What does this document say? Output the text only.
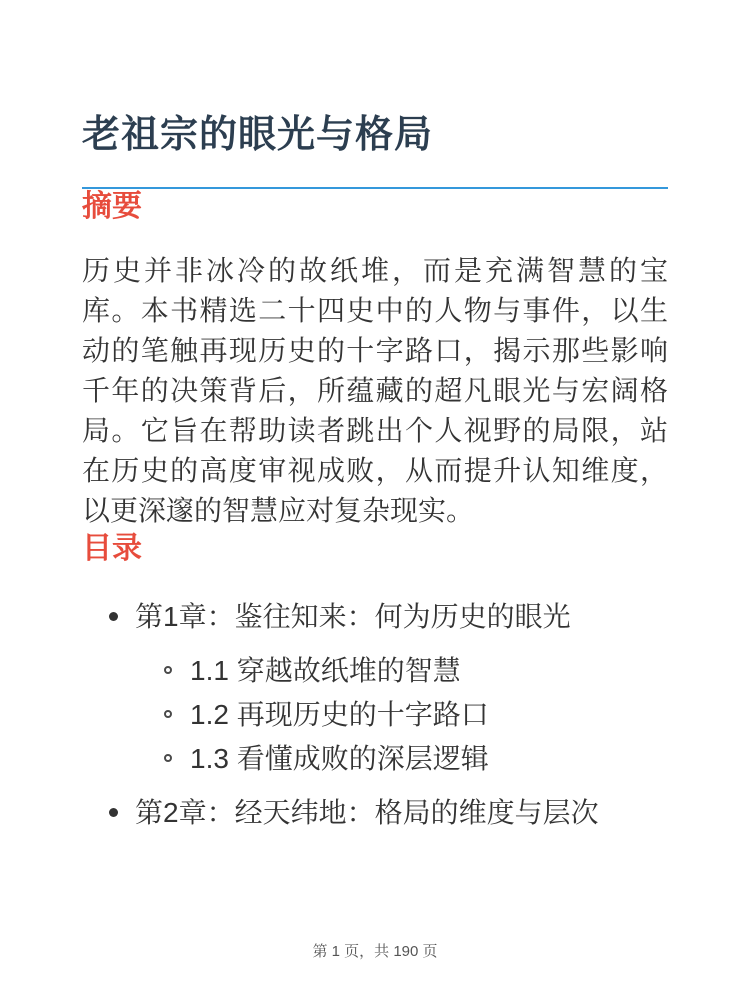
老祖宗的眼光与格局
摘要

历史并非冰冷的故纸堆，而是充满智慧的宝库。本书精选二十四史中的人物与事件，以生动的笔触再现历史的十字路口，揭示那些影响千年的决策背后，所蕴藏的超凡眼光与宏阔格局。它旨在帮助读者跳出个人视野的局限，站在历史的高度审视成败，从而提升认知维度，以更深邃的智慧应对复杂现实。

目录
第1章：鉴往知来：何为历史的眼光
1.1 穿越故纸堆的智慧
1.2 再现历史的十字路口
1.3 看懂成败的深层逻辑
第2章：经天纬地：格局的维度与层次
第 1 页，共 190 页
